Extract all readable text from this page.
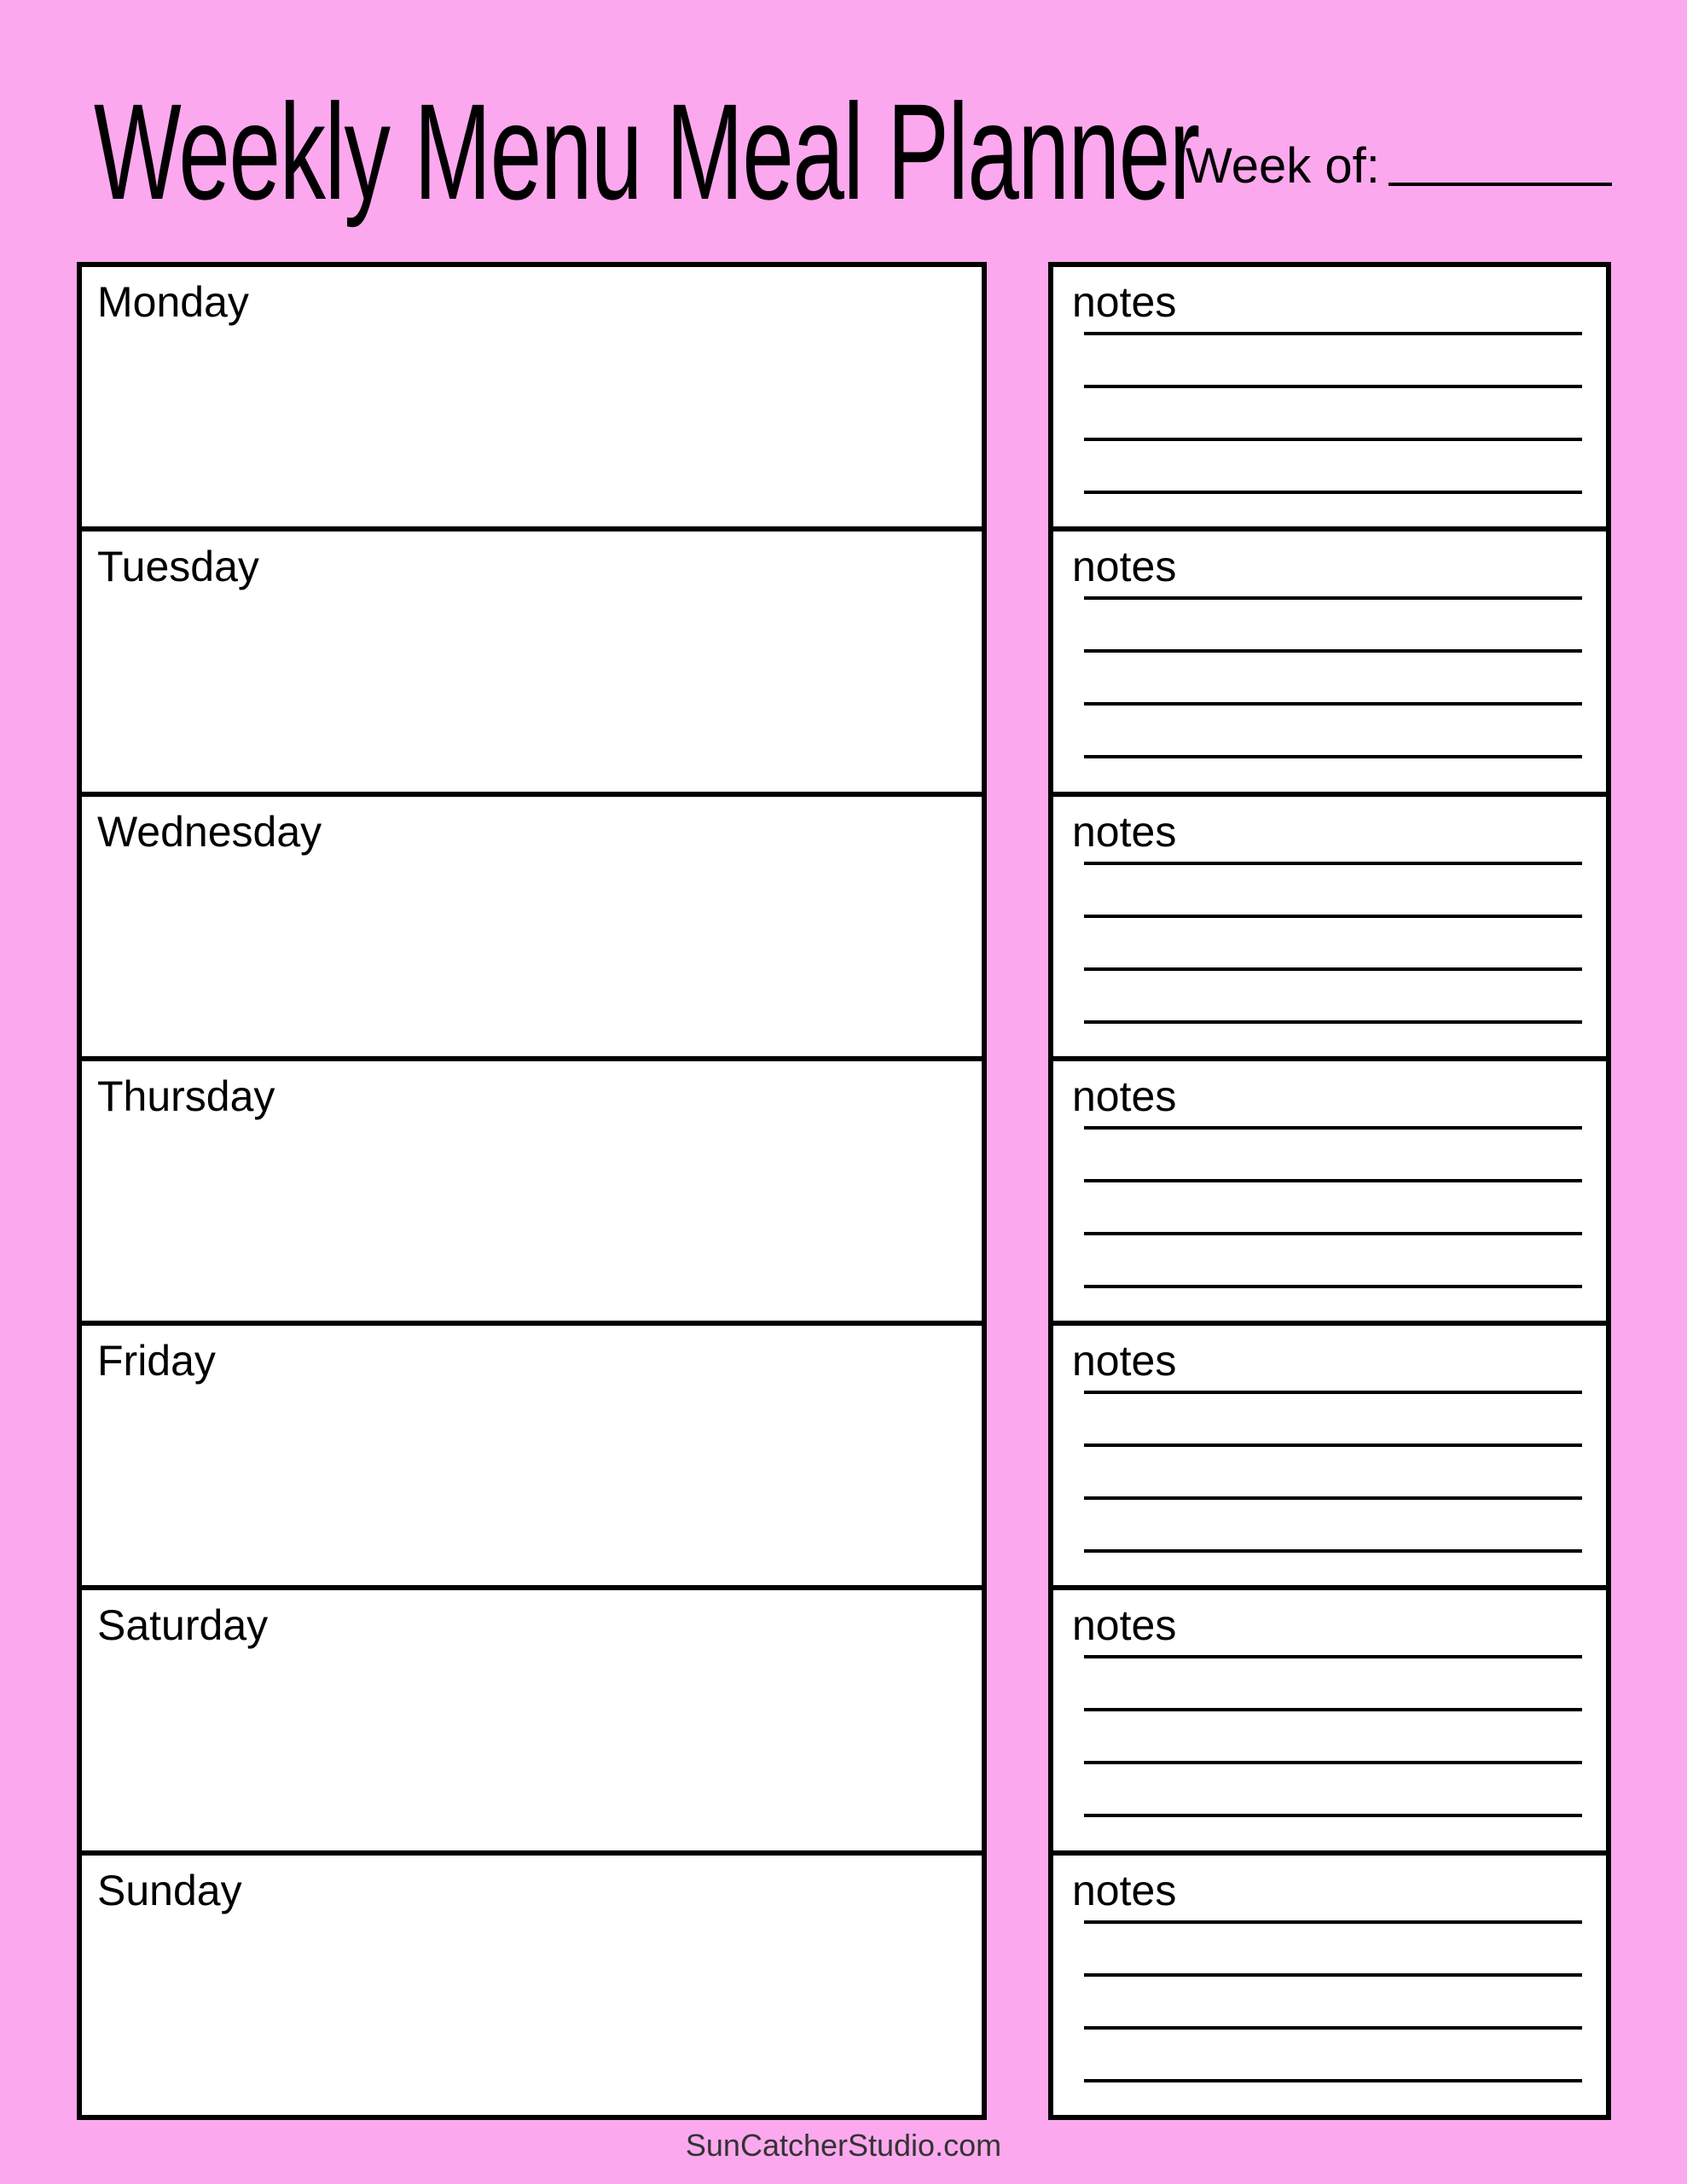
Weekly Menu Meal Planner
Week of:
Monday
Tuesday
Wednesday
Thursday
Friday
Saturday
Sunday
notes
notes
notes
notes
notes
notes
notes
SunCatcherStudio.com
